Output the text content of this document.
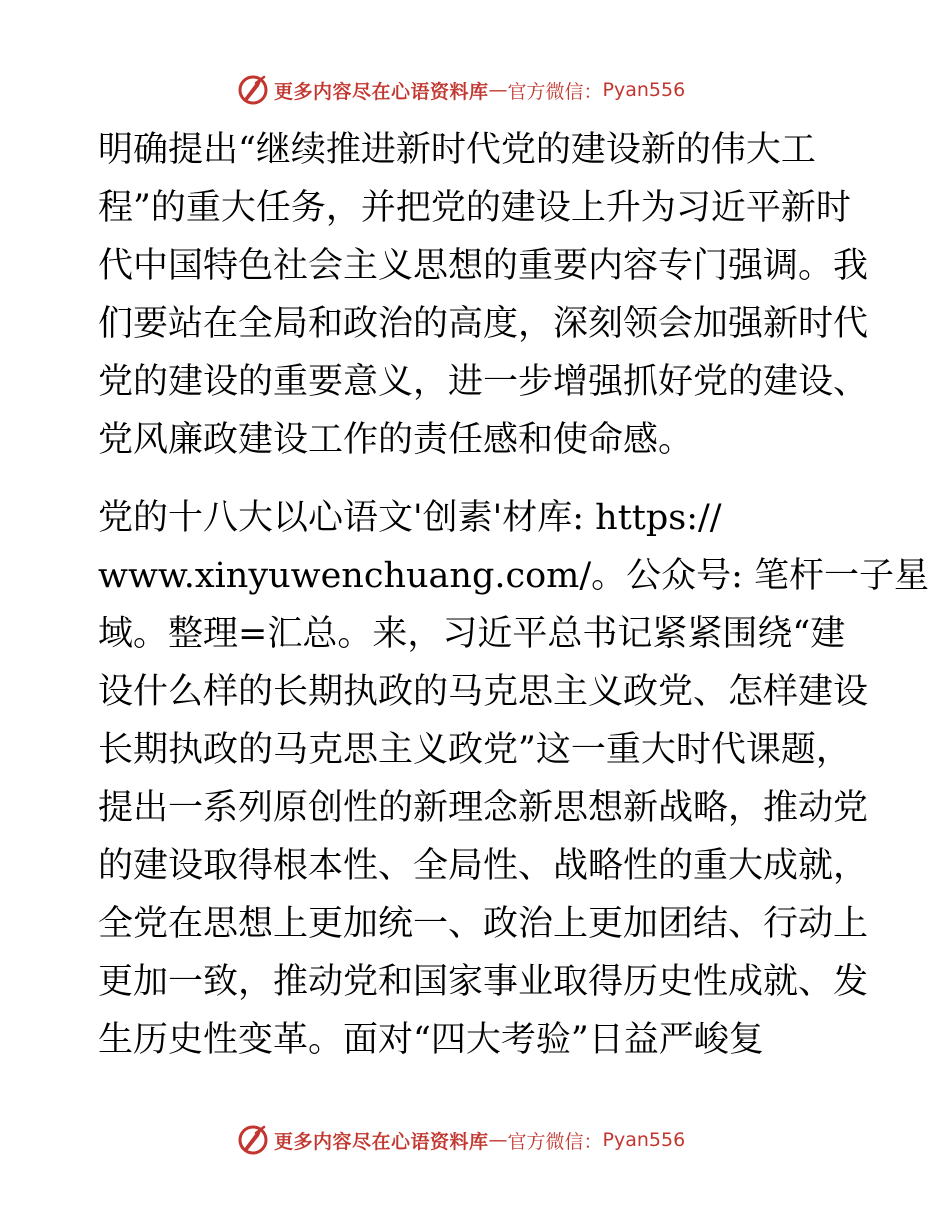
更多内容尽在心语资料库 — 官方微信： Pyan556
明确提出“继续推进新时代党的建设新的伟大工
程”的重大任务，并把党的建设上升为习近平新时
代中国特色社会主义思想的重要内容专门强调。我
们要站在全局和政治的高度，深刻领会加强新时代
党的建设的重要意义，进一步增强抓好党的建设、
党风廉政建设工作的责任感和使命感。
党的十八大以心语文'创素'材库: https://
www.xinyuwenchuang.com/。公众号: 笔杆一子星
域。整理=汇总。来，习近平总书记紧紧围绕“建
设什么样的长期执政的马克思主义政党、怎样建设
长期执政的马克思主义政党”这一重大时代课题，
提出一系列原创性的新理念新思想新战略，推动党
的建设取得根本性、全局性、战略性的重大成就，
全党在思想上更加统一、政治上更加团结、行动上
更加一致，推动党和国家事业取得历史性成就、发
生历史性变革。面对“四大考验”日益严峻复
更多内容尽在心语资料库 — 官方微信： Pyan556
